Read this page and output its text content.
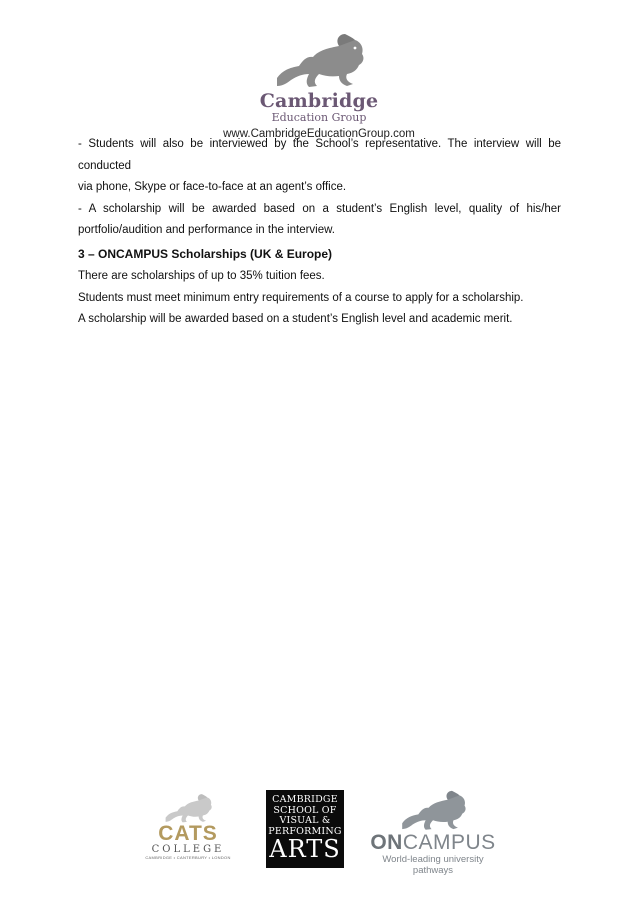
Cambridge
Education Group
www.CambridgeEducationGroup.com

- Students will also be interviewed by the School’s representative. The interview will be conducted

via phone, Skype or face-to-face at an agent’s office.

- A scholarship will be awarded based on a student’s English level, quality of his/her

portfolio/audition and performance in the interview.

3 – ONCAMPUS Scholarships (UK & Europe)

There are scholarships of up to 35% tuition fees.

Students must meet minimum entry requirements of a course to apply for a scholarship.

A scholarship will be awarded based on a student’s English level and academic merit.

CATS
COLLEGE
CAMBRIDGE • CANTERBURY • LONDON
CAMBRIDGE
SCHOOL OF
VISUAL &
PERFORMING
ARTS	ONCAMPUS
World-leading university pathways
